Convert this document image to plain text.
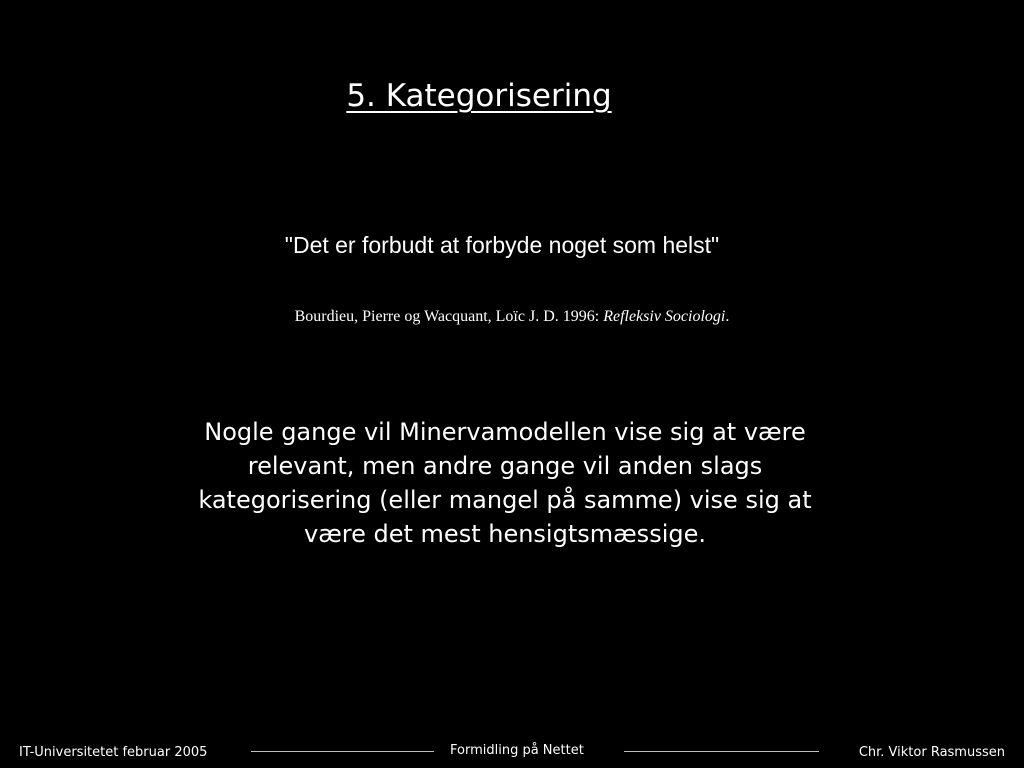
5. Kategorisering
"Det er forbudt at forbyde noget som helst"
Bourdieu, Pierre og Wacquant, Loïc J. D. 1996: Refleksiv Sociologi.
Nogle gange vil Minervamodellen vise sig at være
relevant, men andre gange vil anden slags
kategorisering (eller mangel på samme) vise sig at
være det mest hensigtsmæssige.
IT-Universitetet februar 2005	Formidling på Nettet	Chr. Viktor Rasmussen
